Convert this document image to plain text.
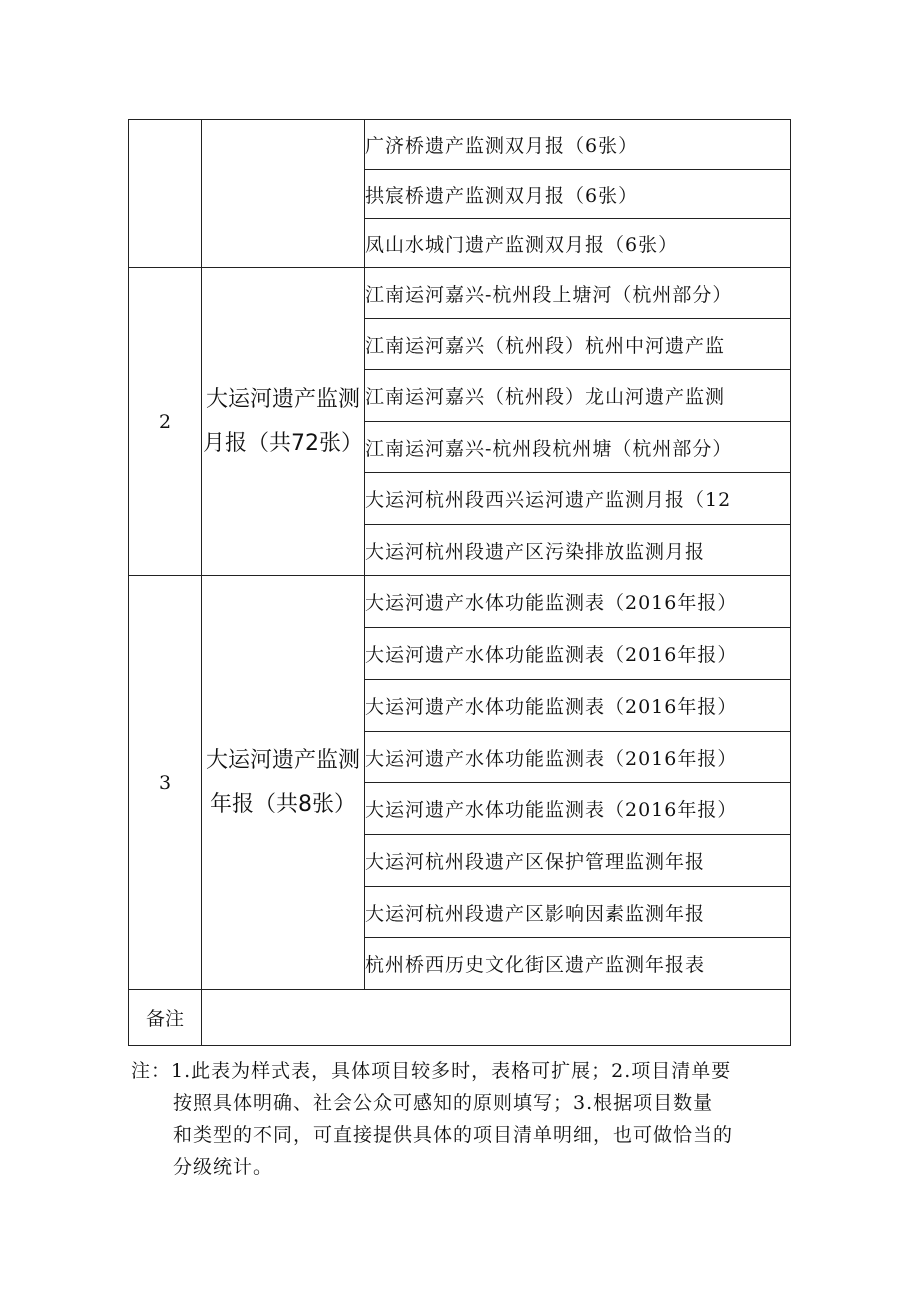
		广济桥遗产监测双月报（6张）
		拱宸桥遗产监测双月报（6张）
		凤山水城门遗产监测双月报（6张）
2	大运河遗产监测月报（共72张）	江南运河嘉兴-杭州段上塘河（杭州部分）
		江南运河嘉兴（杭州段）杭州中河遗产监
		江南运河嘉兴（杭州段）龙山河遗产监测
		江南运河嘉兴-杭州段杭州塘（杭州部分）
		大运河杭州段西兴运河遗产监测月报（12
		大运河杭州段遗产区污染排放监测月报
3	大运河遗产监测年报（共8张）	大运河遗产水体功能监测表（2016年报）
		大运河遗产水体功能监测表（2016年报）
		大运河遗产水体功能监测表（2016年报）
		大运河遗产水体功能监测表（2016年报）
		大运河遗产水体功能监测表（2016年报）
		大运河杭州段遗产区保护管理监测年报
		大运河杭州段遗产区影响因素监测年报
		杭州桥西历史文化街区遗产监测年报表
备注		
注：1.此表为样式表，具体项目较多时，表格可扩展；2.项目清单要
按照具体明确、社会公众可感知的原则填写；3.根据项目数量
和类型的不同，可直接提供具体的项目清单明细，也可做恰当的
分级统计。
